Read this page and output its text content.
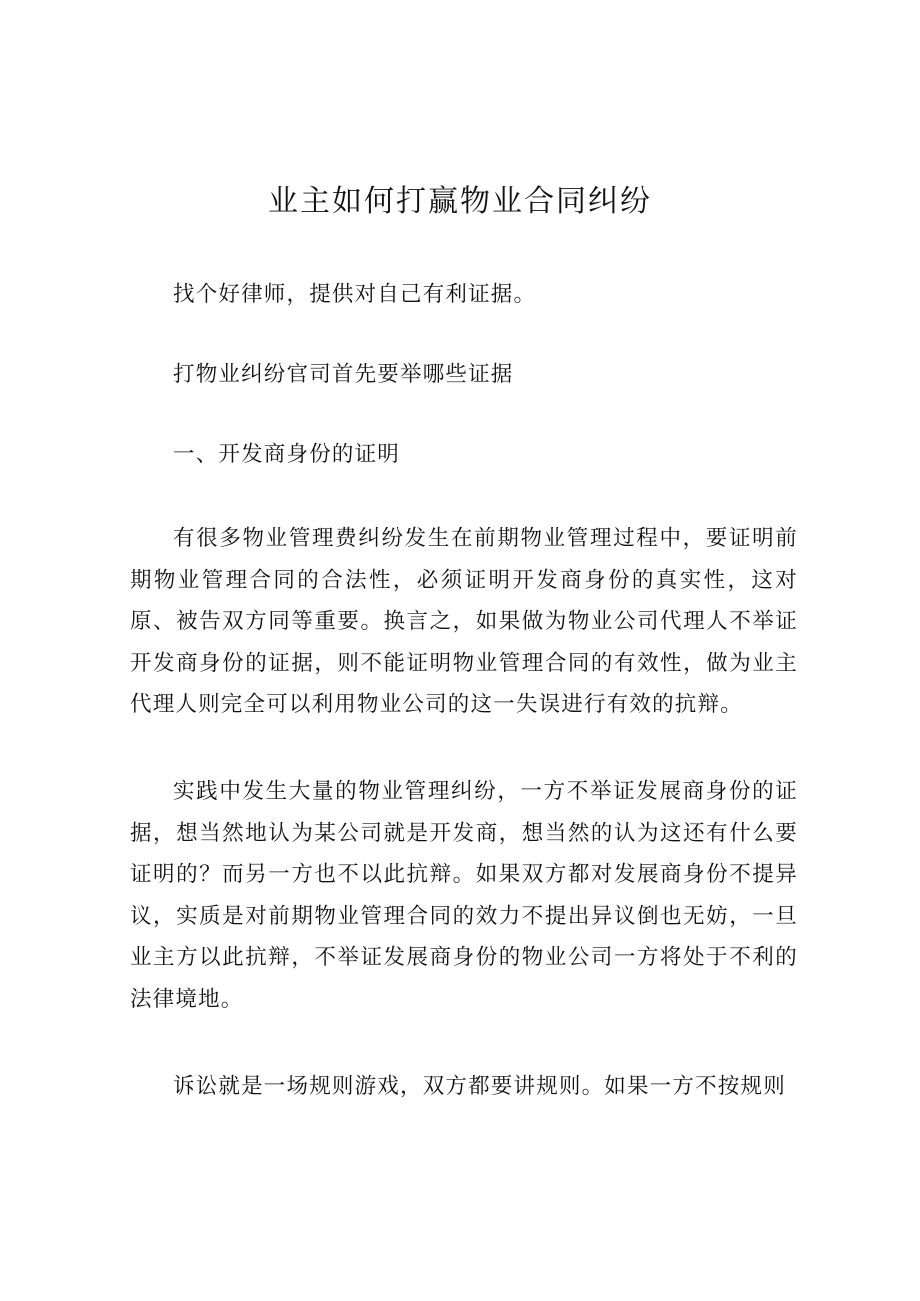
业主如何打赢物业合同纠纷

找个好律师，提供对自己有利证据。

打物业纠纷官司首先要举哪些证据

一、开发商身份的证明

有很多物业管理费纠纷发生在前期物业管理过程中，要证明前期物业管理合同的合法性，必须证明开发商身份的真实性，这对原、被告双方同等重要。换言之，如果做为物业公司代理人不举证开发商身份的证据，则不能证明物业管理合同的有效性，做为业主代理人则完全可以利用物业公司的这一失误进行有效的抗辩。

实践中发生大量的物业管理纠纷，一方不举证发展商身份的证据，想当然地认为某公司就是开发商，想当然的认为这还有什么要证明的？而另一方也不以此抗辩。如果双方都对发展商身份不提异议，实质是对前期物业管理合同的效力不提出异议倒也无妨，一旦业主方以此抗辩，不举证发展商身份的物业公司一方将处于不利的法律境地。

诉讼就是一场规则游戏，双方都要讲规则。如果一方不按规则
